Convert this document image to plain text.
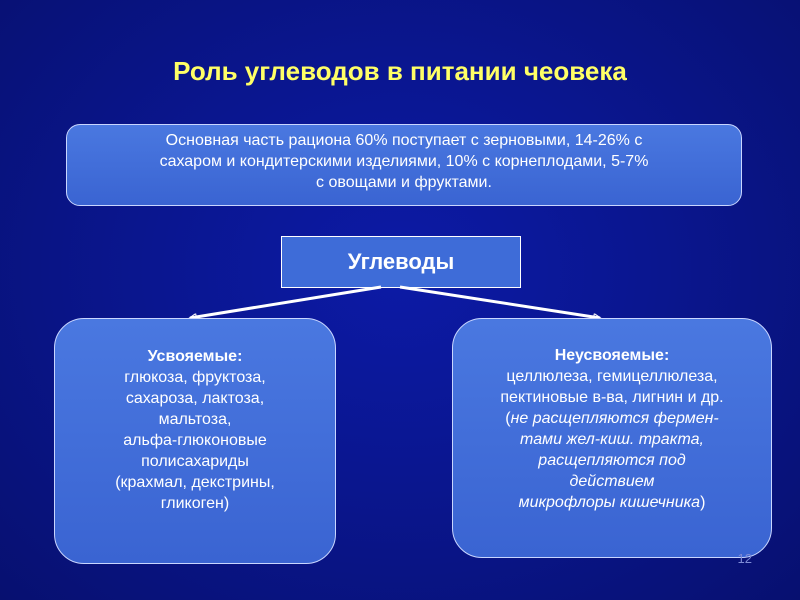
Роль углеводов в питании чеовека
Основная часть рациона 60% поступает с зерновыми, 14-26% с
сахаром и кондитерскими изделиями, 10% с корнеплодами, 5-7%
с овощами и фруктами.
Углеводы
Усвояемые:
глюкоза, фруктоза,
сахароза, лактоза,
мальтоза,
альфа-глюконовые
полисахариды
(крахмал, декстрины,
гликоген)
Неусвояемые:
целлюлеза, гемицеллюлеза,
пектиновые в-ва, лигнин и др.
(не расщепляются фермен-
тами жел-киш. тракта,
расщепляются под
действием
микрофлоры кишечника)
12
